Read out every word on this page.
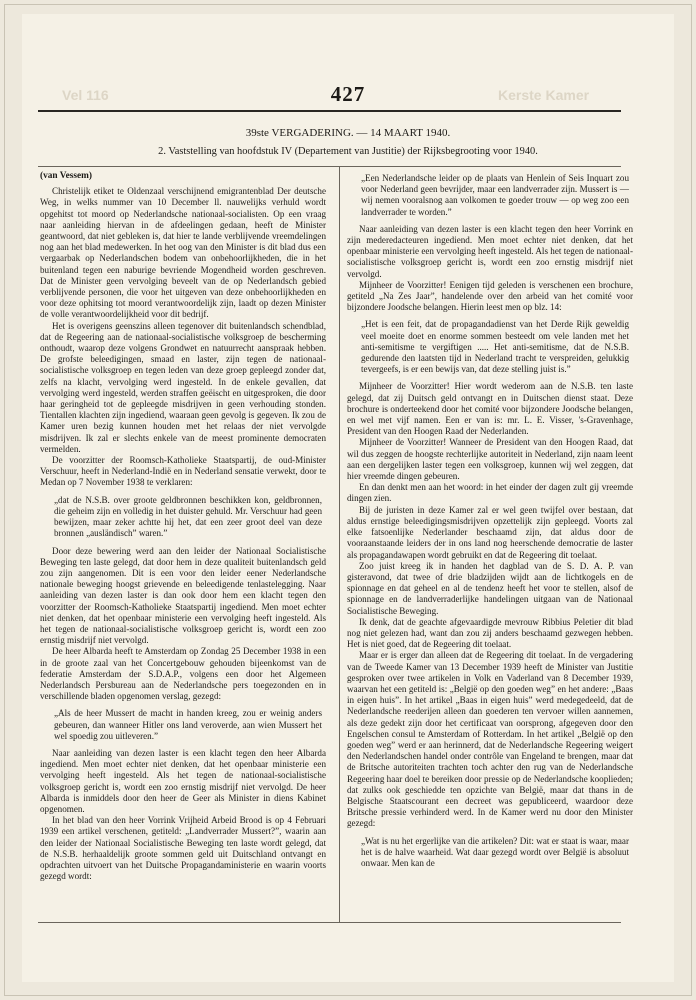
Vel 116	Kerste Kamer
427
39ste VERGADERING. — 14 MAART 1940.
2. Vaststelling van hoofdstuk IV (Departement van Justitie) der Rijksbegrooting voor 1940.
(van Vessem)

Christelijk etiket te Oldenzaal verschijnend emigrantenblad Der deutsche Weg, in welks nummer van 10 December ll. nauwelijks verhuld wordt opgehitst tot moord op Nederlandsche nationaal-socialisten. Op een vraag naar aanleiding hiervan in de afdeelingen gedaan, heeft de Minister geantwoord, dat niet gebleken is, dat hier te lande verblijvende vreemdelingen nog aan het blad medewerken. In het oog van den Minister is dit blad dus een vergaarbak op Nederlandschen bodem van onbehoorlijkheden, die in het buitenland tegen een naburige bevriende Mogendheid worden geschreven. Dat de Minister geen vervolging beveelt van de op Nederlandsch gebied verblijvende personen, die voor het uitgeven van deze onbehoorlijkheden en voor deze ophitsing tot moord verantwoordelijk zijn, laadt op dezen Minister de volle verantwoordelijkheid voor dit bedrijf.

Het is overigens geenszins alleen tegenover dit buitenlandsch schendblad, dat de Regeering aan de nationaal-socialistische volksgroep de bescherming onthoudt, waarop deze volgens Grondwet en natuurrecht aanspraak hebben. De grofste beleedigingen, smaad en laster, zijn tegen de nationaal-socialistische volksgroep en tegen leden van deze groep gepleegd zonder dat, zelfs na klacht, vervolging werd ingesteld. In de enkele gevallen, dat vervolging werd ingesteld, werden straffen geëischt en uitgesproken, die door haar geringheid tot de gepleegde misdrijven in geen verhouding stonden. Tientallen klachten zijn ingediend, waaraan geen gevolg is gegeven. Ik zou de Kamer uren bezig kunnen houden met het relaas der niet vervolgde misdrijven. Ik zal er slechts enkele van de meest prominente democraten vermelden.

De voorzitter der Roomsch-Katholieke Staatspartij, de oud-Minister Verschuur, heeft in Nederland-Indië en in Nederland sensatie verwekt, door te Medan op 7 November 1938 te verklaren:

„dat de N.S.B. over groote geldbronnen beschikken kon, geldbronnen, die geheim zijn en volledig in het duister gehuld. Mr. Verschuur had geen bewijzen, maar zeker achtte hij het, dat een zeer groot deel van deze bronnen „ausländisch” waren.”

Door deze bewering werd aan den leider der Nationaal Socialistische Beweging ten laste gelegd, dat door hem in deze qualiteit buitenlandsch geld zou zijn aangenomen. Dit is een voor den leider eener Nederlandsche nationale beweging hoogst grievende en beleedigende tenlastelegging. Naar aanleiding van dezen laster is dan ook door hem een klacht tegen den voorzitter der Roomsch-Katholieke Staatspartij ingediend. Men moet echter niet denken, dat het openbaar ministerie een vervolging heeft ingesteld. Als het tegen de nationaal-socialistische volksgroep gericht is, wordt een zoo ernstig misdrijf niet vervolgd.

De heer Albarda heeft te Amsterdam op Zondag 25 December 1938 in een in de groote zaal van het Concertgebouw gehouden bijeenkomst van de federatie Amsterdam der S.D.A.P., volgens een door het Algemeen Nederlandsch Persbureau aan de Nederlandsche pers toegezonden en in verschillende bladen opgenomen verslag, gezegd:

„Als de heer Mussert de macht in handen kreeg, zou er weinig anders gebeuren, dan wanneer Hitler ons land veroverde, aan wien Mussert het wel spoedig zou uitleveren.”

Naar aanleiding van dezen laster is een klacht tegen den heer Albarda ingediend. Men moet echter niet denken, dat het openbaar ministerie een vervolging heeft ingesteld. Als het tegen de nationaal-socialistische volksgroep gericht is, wordt een zoo ernstig misdrijf niet vervolgd. De heer Albarda is inmiddels door den heer de Geer als Minister in diens Kabinet opgenomen.

In het blad van den heer Vorrink Vrijheid Arbeid Brood is op 4 Februari 1939 een artikel verschenen, getiteld: „Landverrader Mussert?”, waarin aan den leider der Nationaal Socialistische Beweging ten laste wordt gelegd, dat de N.S.B. herhaaldelijk groote sommen geld uit Duitschland ontvangt en opdrachten uitvoert van het Duitsche Propagandaministerie en waarin voorts gezegd wordt:

„Een Nederlandsche leider op de plaats van Henlein of Seis Inquart zou voor Nederland geen bevrijder, maar een landverrader zijn. Mussert is — wij nemen vooralsnog aan volkomen te goeder trouw — op weg zoo een landverrader te worden.”

Naar aanleiding van dezen laster is een klacht tegen den heer Vorrink en zijn mederedacteuren ingediend. Men moet echter niet denken, dat het openbaar ministerie een vervolging heeft ingesteld. Als het tegen de nationaal-socialistische volksgroep gericht is, wordt een zoo ernstig misdrijf niet vervolgd.

Mijnheer de Voorzitter! Eenigen tijd geleden is verschenen een brochure, getiteld „Na Zes Jaar”, handelende over den arbeid van het comité voor bijzondere Joodsche belangen. Hierin leest men op blz. 14:

„Het is een feit, dat de propagandadienst van het Derde Rijk geweldig veel moeite doet en enorme sommen besteedt om vele landen met het anti-semitisme te vergiftigen ..... Het anti-semitisme, dat de N.S.B. gedurende den laatsten tijd in Nederland tracht te verspreiden, gelukkig tevergeefs, is er een bewijs van, dat deze stelling juist is.”

Mijnheer de Voorzitter! Hier wordt wederom aan de N.S.B. ten laste gelegd, dat zij Duitsch geld ontvangt en in Duitschen dienst staat. Deze brochure is onderteekend door het comité voor bijzondere Joodsche belangen, en wel met vijf namen. Een er van is: mr. L. E. Visser, 's-Gravenhage, President van den Hoogen Raad der Nederlanden.

Mijnheer de Voorzitter! Wanneer de President van den Hoogen Raad, dat wil dus zeggen de hoogste rechterlijke autoriteit in Nederland, zijn naam leent aan een dergelijken laster tegen een volksgroep, kunnen wij wel zeggen, dat hier vreemde dingen gebeuren.

En dan denkt men aan het woord: in het einder der dagen zult gij vreemde dingen zien.

Bij de juristen in deze Kamer zal er wel geen twijfel over bestaan, dat aldus ernstige beleedigingsmisdrijven opzettelijk zijn gepleegd. Voorts zal elke fatsoenlijke Nederlander beschaamd zijn, dat aldus door de vooraanstaande leiders der in ons land nog heerschende democratie de laster als propagandawapen wordt gebruikt en dat de Regeering dit toelaat.

Zoo juist kreeg ik in handen het dagblad van de S. D. A. P. van gisteravond, dat twee of drie bladzijden wijdt aan de lichtkogels en de spionnage en dat geheel en al de tendenz heeft het voor te stellen, alsof de spionnage en de landverraderlijke handelingen uitgaan van de Nationaal Socialistische Beweging.

Ik denk, dat de geachte afgevaardigde mevrouw Ribbius Peletier dit blad nog niet gelezen had, want dan zou zij anders beschaamd gezwegen hebben. Het is niet goed, dat de Regeering dit toelaat.

Maar er is erger dan alleen dat de Regeering dit toelaat. In de vergadering van de Tweede Kamer van 13 December 1939 heeft de Minister van Justitie gesproken over twee artikelen in Volk en Vaderland van 8 December 1939, waarvan het een getiteld is: „België op den goeden weg” en het andere: „Baas in eigen huis”. In het artikel „Baas in eigen huis” werd medegedeeld, dat de Nederlandsche reederijen alleen dan goederen ten vervoer willen aannemen, als deze gedekt zijn door het certificaat van oorsprong, afgegeven door den Engelschen consul te Amsterdam of Rotterdam. In het artikel „België op den goeden weg” werd er aan herinnerd, dat de Nederlandsche Regeering weigert den Nederlandschen handel onder contrôle van Engeland te brengen, maar dat de Britsche autoriteiten trachten toch achter den rug van de Nederlandsche Regeering haar doel te bereiken door pressie op de Nederlandsche kooplieden; dat zulks ook geschiedde ten opzichte van België, maar dat thans in de Belgische Staatscourant een decreet was gepubliceerd, waardoor deze Britsche pressie verhinderd werd. In de Kamer werd nu door den Minister gezegd:

„Wat is nu het ergerlijke van die artikelen? Dit: wat er staat is waar, maar het is de halve waarheid. Wat daar gezegd wordt over België is absoluut onwaar. Men kan de
